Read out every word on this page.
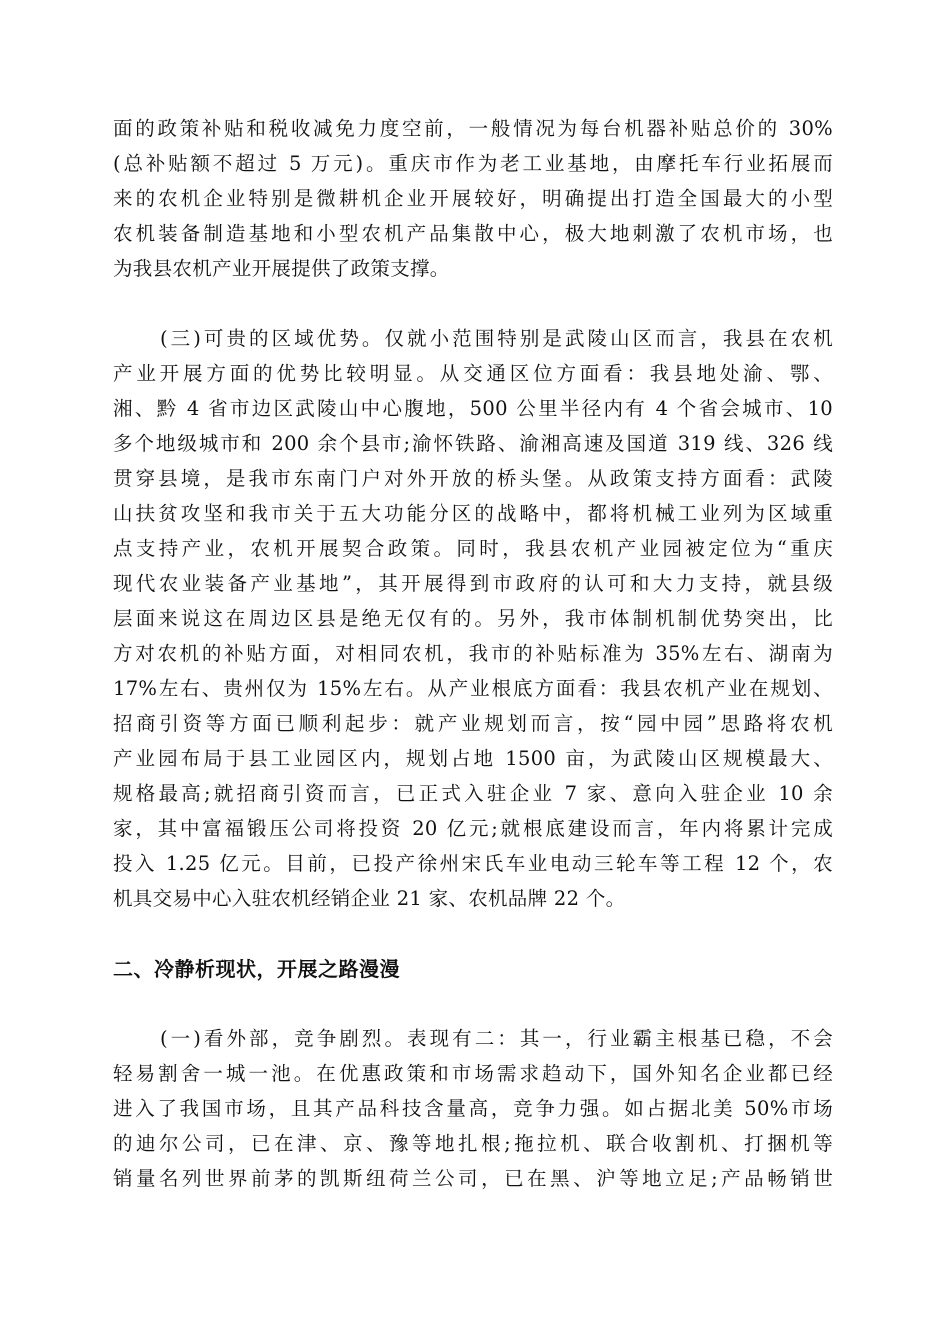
面的政策补贴和税收减免力度空前，一般情况为每台机器补贴总价的 30%
(总补贴额不超过 5 万元)。重庆市作为老工业基地，由摩托车行业拓展而
来的农机企业特别是微耕机企业开展较好，明确提出打造全国最大的小型
农机装备制造基地和小型农机产品集散中心，极大地刺激了农机市场，也
为我县农机产业开展提供了政策支撑。
(三)可贵的区域优势。仅就小范围特别是武陵山区而言，我县在农机
产业开展方面的优势比较明显。从交通区位方面看：我县地处渝、鄂、
湘、黔 4 省市边区武陵山中心腹地，500 公里半径内有 4 个省会城市、10
多个地级城市和 200 余个县市;渝怀铁路、渝湘高速及国道 319 线、326 线
贯穿县境，是我市东南门户对外开放的桥头堡。从政策支持方面看：武陵
山扶贫攻坚和我市关于五大功能分区的战略中，都将机械工业列为区域重
点支持产业，农机开展契合政策。同时，我县农机产业园被定位为“重庆
现代农业装备产业基地”，其开展得到市政府的认可和大力支持，就县级
层面来说这在周边区县是绝无仅有的。另外，我市体制机制优势突出，比
方对农机的补贴方面，对相同农机，我市的补贴标准为 35%左右、湖南为
17%左右、贵州仅为 15%左右。从产业根底方面看：我县农机产业在规划、
招商引资等方面已顺利起步：就产业规划而言，按“园中园”思路将农机
产业园布局于县工业园区内，规划占地 1500 亩，为武陵山区规模最大、
规格最高;就招商引资而言，已正式入驻企业 7 家、意向入驻企业 10 余
家，其中富福锻压公司将投资 20 亿元;就根底建设而言，年内将累计完成
投入 1.25 亿元。目前，已投产徐州宋氏车业电动三轮车等工程 12 个，农
机具交易中心入驻农机经销企业 21 家、农机品牌 22 个。
二、冷静析现状，开展之路漫漫
(一)看外部，竞争剧烈。表现有二：其一，行业霸主根基已稳，不会
轻易割舍一城一池。在优惠政策和市场需求趋动下，国外知名企业都已经
进入了我国市场，且其产品科技含量高，竞争力强。如占据北美 50%市场
的迪尔公司，已在津、京、豫等地扎根;拖拉机、联合收割机、打捆机等
销量名列世界前茅的凯斯纽荷兰公司，已在黑、沪等地立足;产品畅销世
